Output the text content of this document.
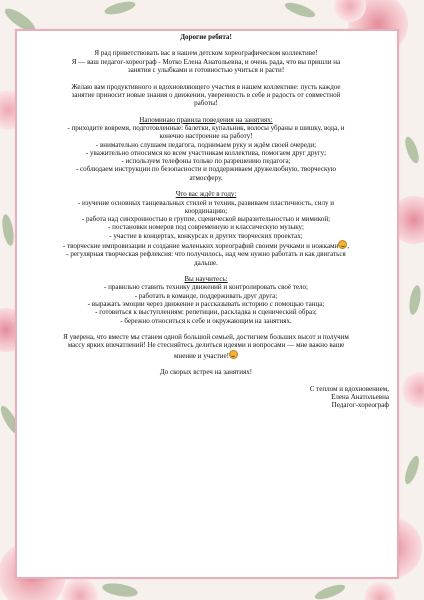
Дорогие ребята!

Я рад приветствовать вас в нашем детском хореографическом коллективе!

Я — ваш педагог-хореограф - Мотко Елена Анатольевна, и очень рада, что вы пришли на

занятия с улыбками и готовностью учиться и расти!

Желаю вам продуктивного и вдохновляющего участия в нашем коллективе: пусть каждое

занятие приносит новые знания о движении, уверенность в себе и радость от совместной

работы!

Напоминаю правила поведения на занятиях:

- приходите вовремя, подготовленные: балетки, купальник, волосы убраны в шишку, вода, и

конечно настроение на работу!

- внимательно слушаем педагога, поднимаем руку и ждём своей очереди;

- уважительно относимся ко всем участникам коллектива, помогаем друг другу;

- используем телефоны только по разрешению педагога;

- соблюдаем инструкции по безопасности и поддерживаем дружелюбную, творческую

атмосферу.

Что вас ждёт в году:

- изучение основных танцевальных стилей и техник, развиваем пластичность, силу и

координацию;

- работа над синхронностью в группе, сценической выразительностью и мимикой;

- постановки номеров под современную и классическую музыку;

- участие в концертах, конкурсах и других творческих проектах;

- творческие импровизации и создание маленьких хореографий своими ручками и ножками ,

- регулярная творческая рефлексия: что получилось, над чем нужно работать и как двигаться

дальше.

Вы научитесь:

- правильно ставить технику движений и контролировать своё тело;

- работать в команде, поддерживать друг друга;

- выражать эмоции через движение и рассказывать историю с помощью танца;

- готовиться к выступлениям: репетиции, раскладка и сценический образ;

- бережно относиться к себе и окружающим на занятиях.

Я уверена, что вместе мы станем одной большой семьей, достигнем больших высот и получим

массу ярких впечатлений! Не стесняйтесь делиться идеями и вопросами — мне важно ваше

мнение и участие!

До скорых встреч на занятиях!

С теплом и вдохновением,

Елена Анатольевна

Педагог-хореограф
